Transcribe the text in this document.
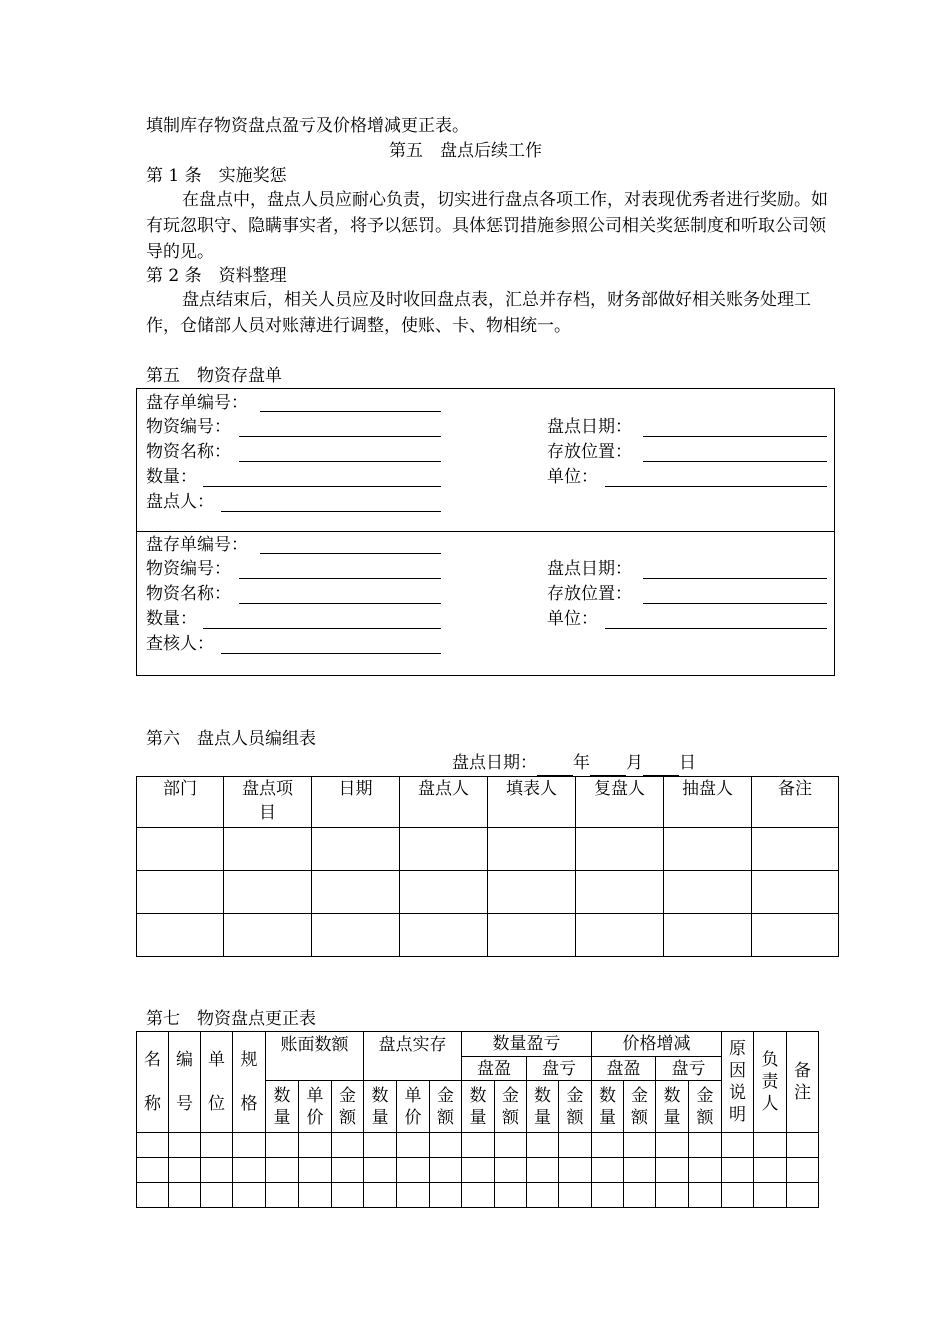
填制库存物资盘点盈亏及价格增减更正表。
第五　盘点后续工作
第 1 条　实施奖惩
在盘点中，盘点人员应耐心负责，切实进行盘点各项工作，对表现优秀者进行奖励。如有玩忽职守、隐瞒事实者，将予以惩罚。具体惩罚措施参照公司相关奖惩制度和听取公司领导的见。
第 2 条　资料整理
盘点结束后，相关人员应及时收回盘点表，汇总并存档，财务部做好相关账务处理工作，仓储部人员对账薄进行调整，使账、卡、物相统一。
第五　物资存盘单
盘存单编号：
物资编号：
物资名称：
数量：
盘点人：
盘点日期：
存放位置：
单位：
盘存单编号：
物资编号：
物资名称：
数量：
查核人：
盘点日期：
存放位置：
单位：
第六　盘点人员编组表
盘点日期： 年 月 日
部门	盘点项目	日期	盘点人	填表人	复盘人	抽盘人	备注

第七　物资盘点更正表
名称	编号	单位	规格	账面数额			盘点实存			数量盈亏				价格增减				原因说明	负责人	备注

										盘盈		盘亏		盘盈		盘亏				

				数量	单价	金额	数量	单价	金额	数量	金额	数量	金额	数量	金额	数量	金额			
